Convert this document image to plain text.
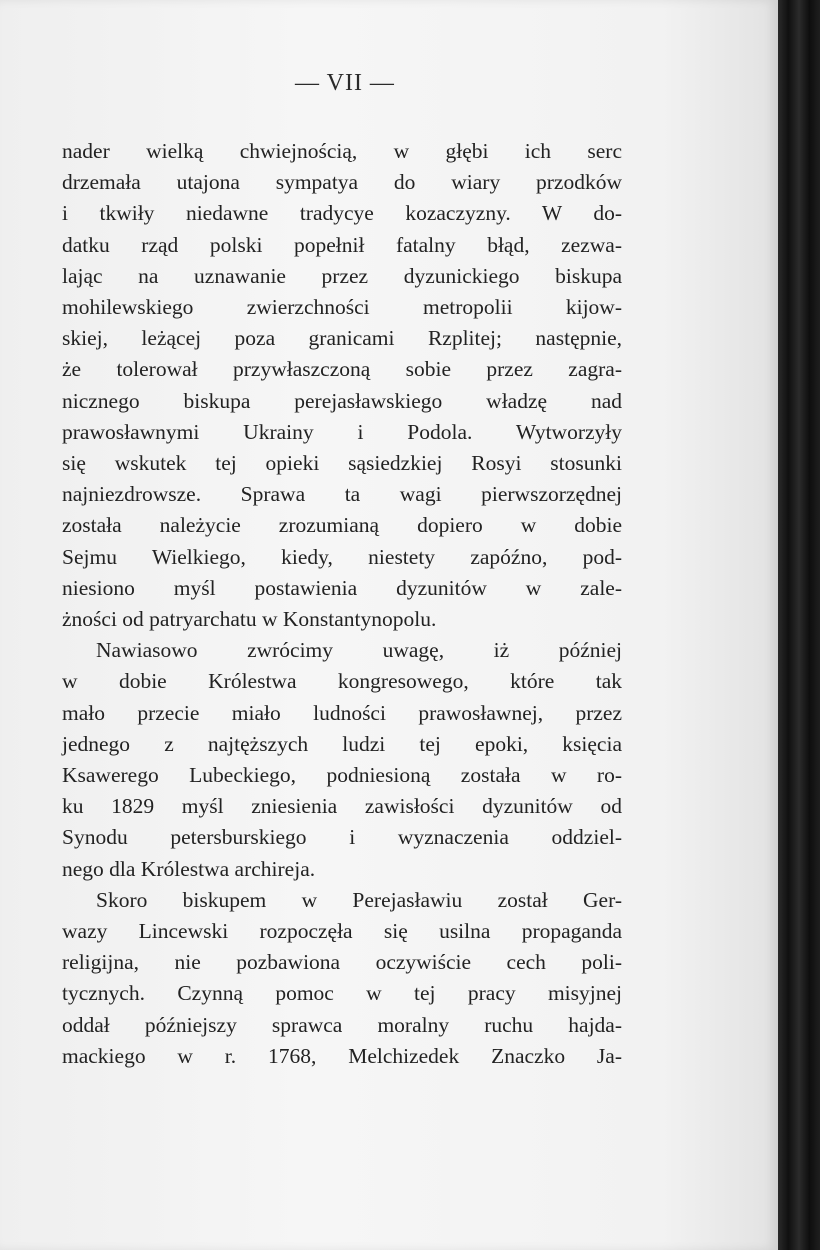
— VII —
nader wielką chwiejnością, w głębi ich serc
drzemała utajona sympatya do wiary przodków
i tkwiły niedawne tradycye kozaczyzny. W do-
datku rząd polski popełnił fatalny błąd, zezwa-
lając na uznawanie przez dyzunickiego biskupa
mohilewskiego zwierzchności metropolii kijow-
skiej, leżącej poza granicami Rzplitej; następnie,
że tolerował przywłaszczoną sobie przez zagra-
nicznego biskupa perejasławskiego władzę nad
prawosławnymi Ukrainy i Podola. Wytworzyły
się wskutek tej opieki sąsiedzkiej Rosyi stosunki
najniezdrowsze. Sprawa ta wagi pierwszorzędnej
została należycie zrozumianą dopiero w dobie
Sejmu Wielkiego, kiedy, niestety zapóźno, pod-
niesiono myśl postawienia dyzunitów w zale-
żności od patryarchatu w Konstantynopolu.
Nawiasowo zwrócimy uwagę, iż później
w dobie Królestwa kongresowego, które tak
mało przecie miało ludności prawosławnej, przez
jednego z najtęższych ludzi tej epoki, księcia
Ksawerego Lubeckiego, podniesioną została w ro-
ku 1829 myśl zniesienia zawisłości dyzunitów od
Synodu petersburskiego i wyznaczenia oddziel-
nego dla Królestwa archireja.
Skoro biskupem w Perejasławiu został Ger-
wazy Lincewski rozpoczęła się usilna propaganda
religijna, nie pozbawiona oczywiście cech poli-
tycznych. Czynną pomoc w tej pracy misyjnej
oddał późniejszy sprawca moralny ruchu hajda-
mackiego w r. 1768, Melchizedek Znaczko Ja-
